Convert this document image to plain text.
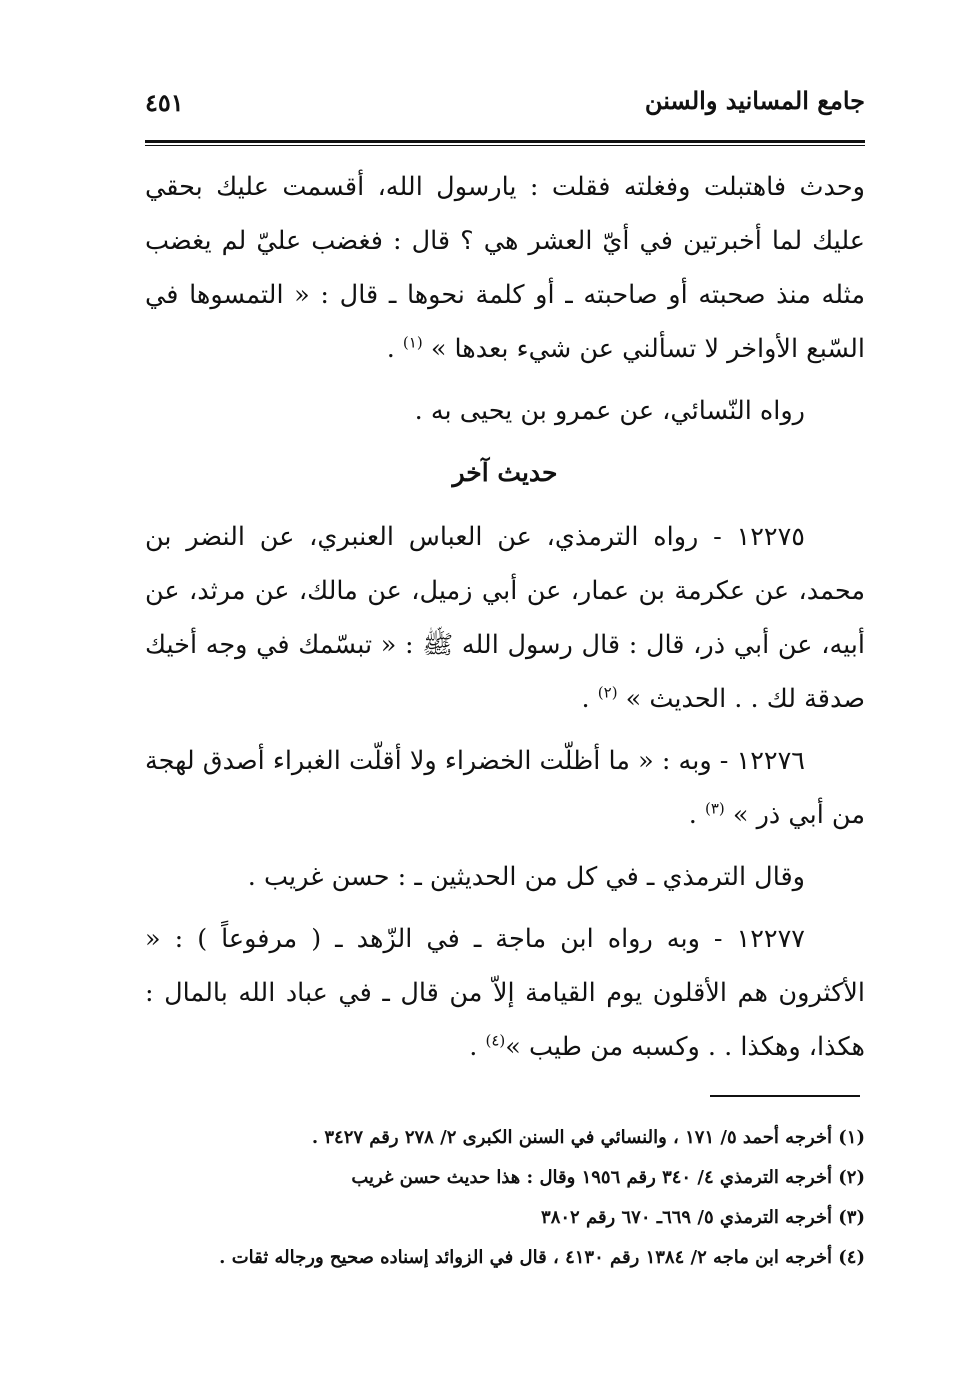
جامع المسانيد والسنن
٤٥١

وحدث فاهتبلت وفغلته فقلت : يارسول الله، أقسمت عليك بحقي عليك لما أخبرتين في أيّ العشر هي ؟ قال : فغضب عليّ لم يغضب مثله منذ صحبته أو صاحبته ـ أو كلمة نحوها ـ قال : « التمسوها في السّبع الأواخر لا تسألني عن شيء بعدها » $^{(١)}$ .

رواه النّسائي، عن عمرو بن يحيى به .

حديث آخر

١٢٢٧٥ - رواه الترمذي، عن العباس العنبري، عن النضر بن محمد، عن عكرمة بن عمار، عن أبي زميل، عن مالك، عن مرثد، عن أبيه، عن أبي ذر، قال : قال رسول الله ﷺ : « تبسّمك في وجه أخيك صدقة لك . . الحديث » $^{(٢)}$ .

١٢٢٧٦ - وبه : « ما أظلّت الخضراء ولا أقلّت الغبراء أصدق لهجة من أبي ذر » $^{(٣)}$ .

وقال الترمذي ـ في كل من الحديثين ـ : حسن غريب .

١٢٢٧٧ - وبه رواه ابن ماجة ـ في الزّهد ـ ( مرفوعاً ) : « الأكثرون هم الأقلون يوم القيامة إلاّ من قال ـ في عباد الله بالمال : هكذا، وهكذا . . وكسبه من طيب »$^{(٤)}$ .

(١) أخرجه أحمد ٥/ ١٧١ ، والنسائي في السنن الكبرى ٢/ ٢٧٨ رقم ٣٤٢٧ .

(٢) أخرجه الترمذي ٤/ ٣٤٠ رقم ١٩٥٦ وقال : هذا حديث حسن غريب

(٣) أخرجه الترمذي ٥/ ٦٦٩ـ ٦٧٠ رقم ٣٨٠٢

(٤) أخرجه ابن ماجه ٢/ ١٣٨٤ رقم ٤١٣٠ ، قال في الزوائد إسناده صحيح ورجاله ثقات .
